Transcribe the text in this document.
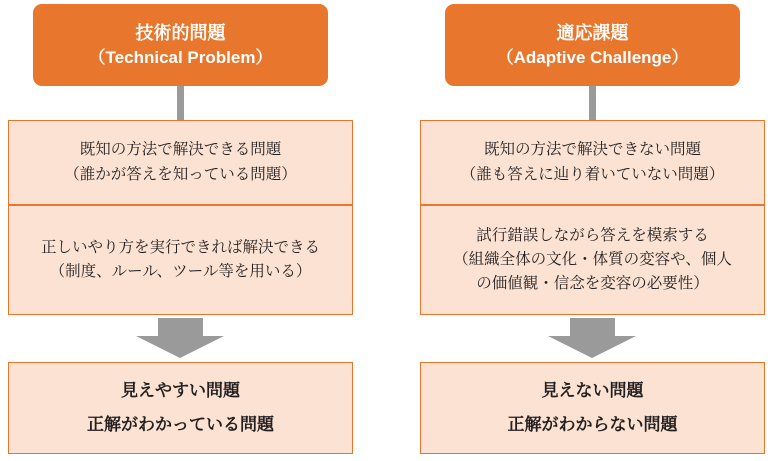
技術的問題
（Technical Problem）
既知の方法で解決できる問題
（誰かが答えを知っている問題）
正しいやり方を実行できれば解決できる
（制度、ルール、ツール等を用いる）
見えやすい問題
正解がわかっている問題
適応課題
（Adaptive Challenge）
既知の方法で解決できない問題
（誰も答えに辿り着いていない問題）
試行錯誤しながら答えを模索する
（組織全体の文化・体質の変容や、個人
の価値観・信念を変容の必要性）
見えない問題
正解がわからない問題
